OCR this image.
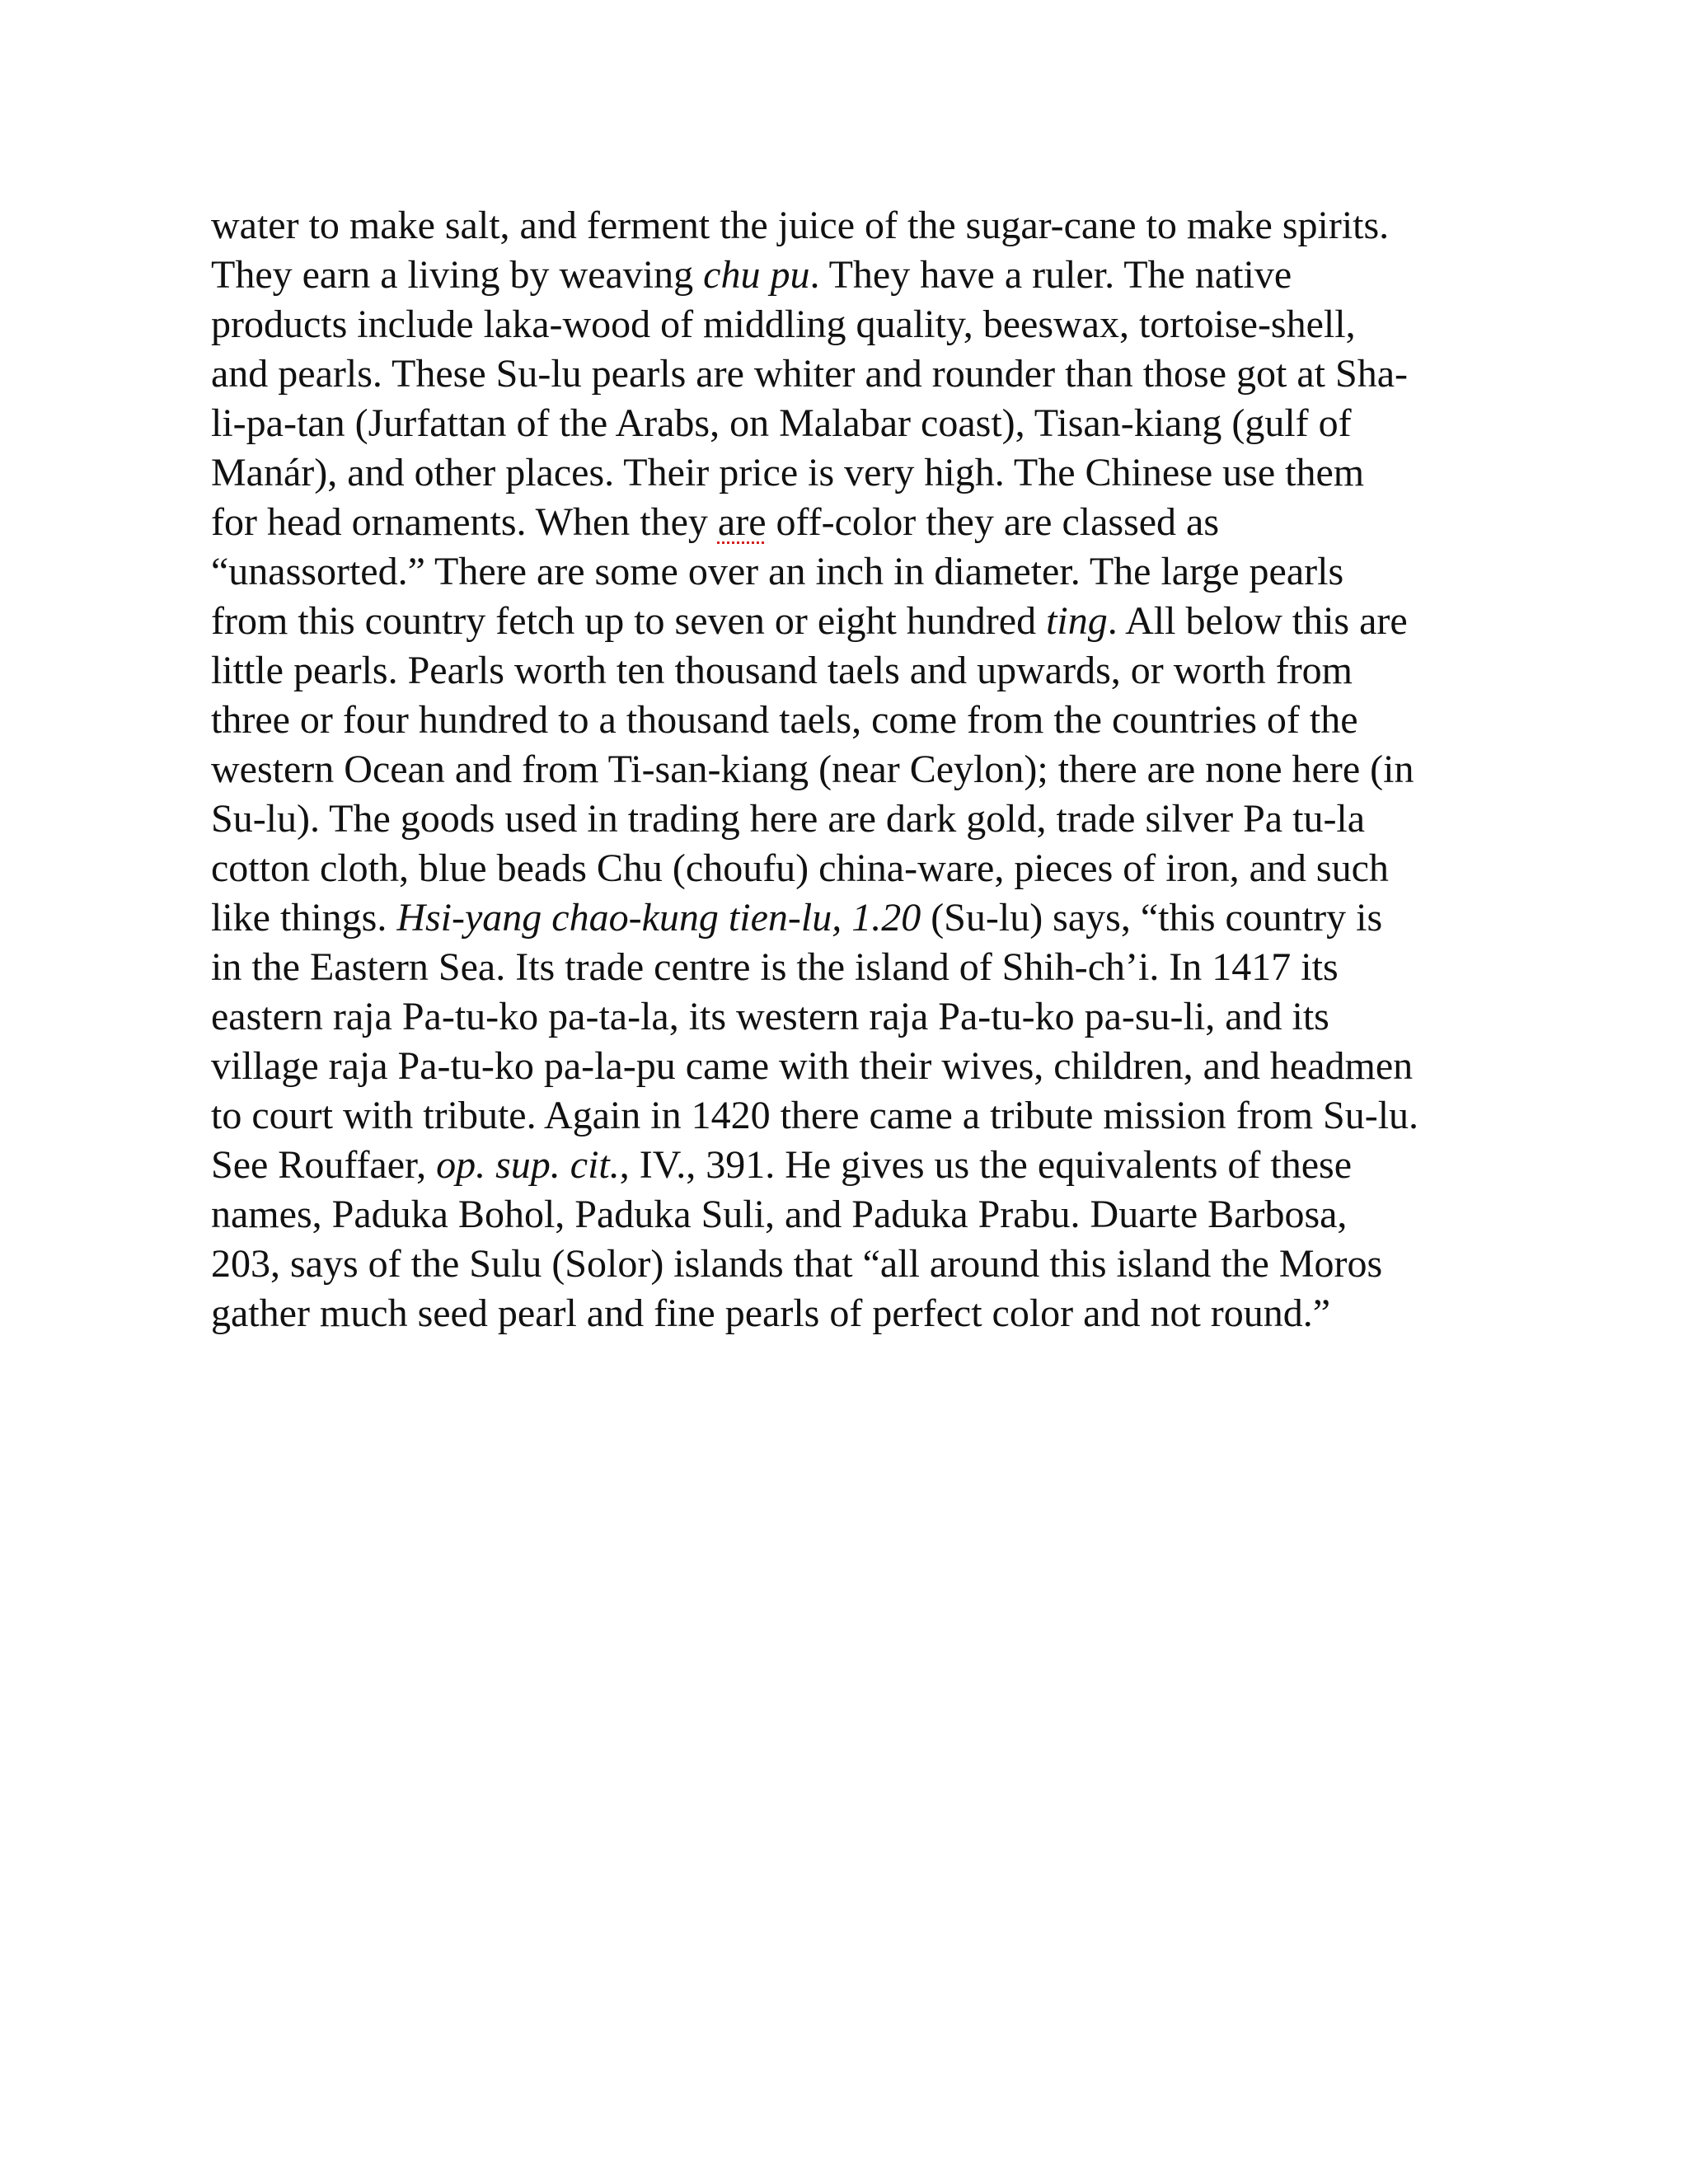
water to make salt, and ferment the juice of the sugar-cane to make spirits.
They earn a living by weaving chu pu. They have a ruler. The native
products include laka-wood of middling quality, beeswax, tortoise-shell,
and pearls. These Su-lu pearls are whiter and rounder than those got at Sha-
li-pa-tan (Jurfattan of the Arabs, on Malabar coast), Tisan-kiang (gulf of
Manár), and other places. Their price is very high. The Chinese use them
for head ornaments. When they are off-color they are classed as
“unassorted.” There are some over an inch in diameter. The large pearls
from this country fetch up to seven or eight hundred ting. All below this are
little pearls. Pearls worth ten thousand taels and upwards, or worth from
three or four hundred to a thousand taels, come from the countries of the
western Ocean and from Ti-san-kiang (near Ceylon); there are none here (in
Su-lu). The goods used in trading here are dark gold, trade silver Pa tu-la
cotton cloth, blue beads Chu (choufu) china-ware, pieces of iron, and such
like things. Hsi-yang chao-kung tien-lu, 1.20 (Su-lu) says, “this country is
in the Eastern Sea. Its trade centre is the island of Shih-ch’i. In 1417 its
eastern raja Pa-tu-ko pa-ta-la, its western raja Pa-tu-ko pa-su-li, and its
village raja Pa-tu-ko pa-la-pu came with their wives, children, and headmen
to court with tribute. Again in 1420 there came a tribute mission from Su-lu.
See Rouffaer, op. sup. cit., IV., 391. He gives us the equivalents of these
names, Paduka Bohol, Paduka Suli, and Paduka Prabu. Duarte Barbosa,
203, says of the Sulu (Solor) islands that “all around this island the Moros
gather much seed pearl and fine pearls of perfect color and not round.”
